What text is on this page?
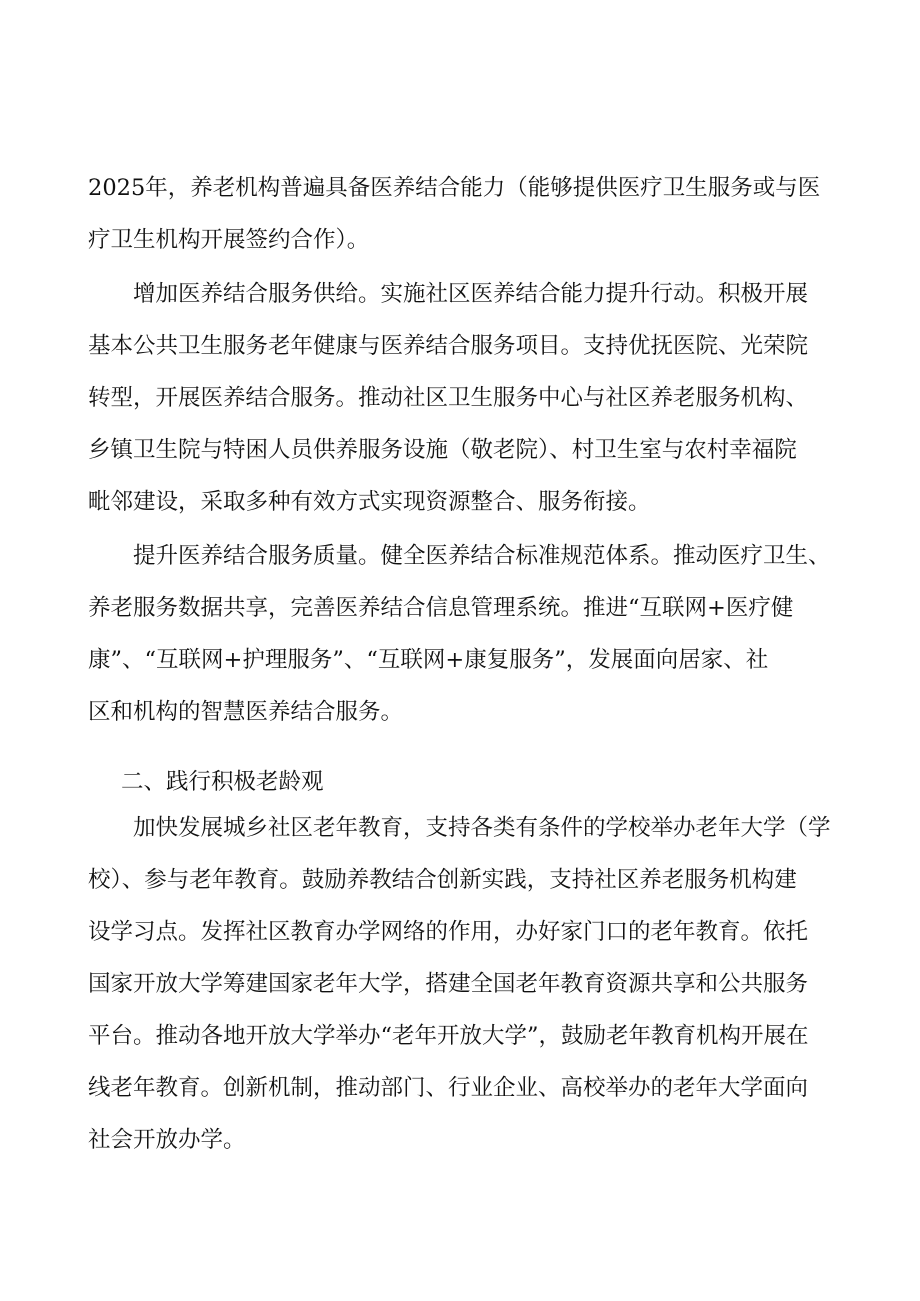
2025年，养老机构普遍具备医养结合能力（能够提供医疗卫生服务或与医
疗卫生机构开展签约合作）。
增加医养结合服务供给。实施社区医养结合能力提升行动。积极开展
基本公共卫生服务老年健康与医养结合服务项目。支持优抚医院、光荣院
转型，开展医养结合服务。推动社区卫生服务中心与社区养老服务机构、
乡镇卫生院与特困人员供养服务设施（敬老院）、村卫生室与农村幸福院
毗邻建设，采取多种有效方式实现资源整合、服务衔接。
提升医养结合服务质量。健全医养结合标准规范体系。推动医疗卫生、
养老服务数据共享，完善医养结合信息管理系统。推进“互联网+医疗健
康”、“互联网+护理服务”、“互联网+康复服务”，发展面向居家、社
区和机构的智慧医养结合服务。
二、践行积极老龄观
加快发展城乡社区老年教育，支持各类有条件的学校举办老年大学（学
校）、参与老年教育。鼓励养教结合创新实践，支持社区养老服务机构建
设学习点。发挥社区教育办学网络的作用，办好家门口的老年教育。依托
国家开放大学筹建国家老年大学，搭建全国老年教育资源共享和公共服务
平台。推动各地开放大学举办“老年开放大学”，鼓励老年教育机构开展在
线老年教育。创新机制，推动部门、行业企业、高校举办的老年大学面向
社会开放办学。
